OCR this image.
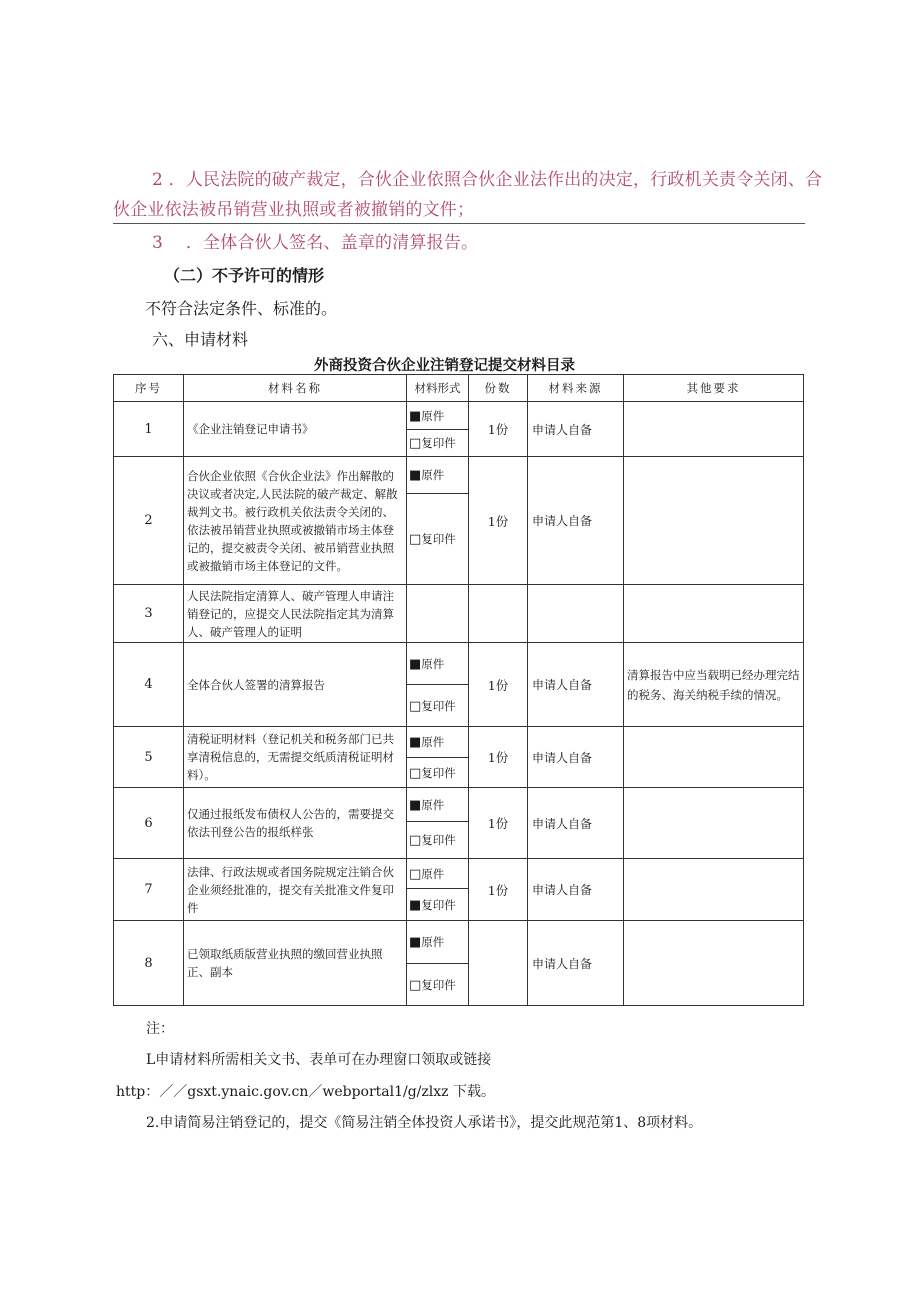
2 ．人民法院的破产裁定，合伙企业依照合伙企业法作出的决定，行政机关责令关闭、合
伙企业依法被吊销营业执照或者被撤销的文件；
3 　．全体合伙人签名、盖章的清算报告。
（二）不予许可的情形
不符合法定条件、标准的。
六、申请材料
外商投资合伙企业注销登记提交材料目录
序号	材料名称	材料形式	份数	材料来源	其他要求
1	《企业注销登记申请书》	■ 原件	1份	申请人自备	
□ 复印件
2	合伙企业依照《合伙企业法》作出解散的决议或者决定,人民法院的破产裁定、解散裁判文书。被行政机关依法责令关闭的、依法被吊销营业执照或被撤销市场主体登记的，提交被责令关闭、被吊销营业执照或被撤销市场主体登记的文件。	■ 原件	1份	申请人自备	
□ 复印件
3	人民法院指定清算人、破产管理人申请注销登记的，应提交人民法院指定其为清算人、破产管理人的证明				
4	全体合伙人签署的清算报告	■ 原件	1份	申请人自备	清算报告中应当载明已经办理完结的税务、海关纳税手续的情况。
□ 复印件
5	清税证明材料（登记机关和税务部门已共享清税信息的，无需提交纸质清税证明材料）。	■ 原件	1份	申请人自备	
□ 复印件
6	仅通过报纸发布债权人公告的，需要提交依法刊登公告的报纸样张	■ 原件	1份	申请人自备	
□ 复印件
7	法律、行政法规或者国务院规定注销合伙企业须经批准的，提交有关批准文件复印件	□ 原件	1份	申请人自备	
■ 复印件
8	已领取纸质版营业执照的缴回营业执照正、副本	■ 原件		申请人自备	
□ 复印件
注：
L申请材料所需相关文书、表单可在办理窗口领取或链接
http：／／gsxt.ynaic.gov.cn／webportal1/g/zlxz 下载。
2.申请简易注销登记的，提交《简易注销全体投资人承诺书》，提交此规范第1、8项材料。
